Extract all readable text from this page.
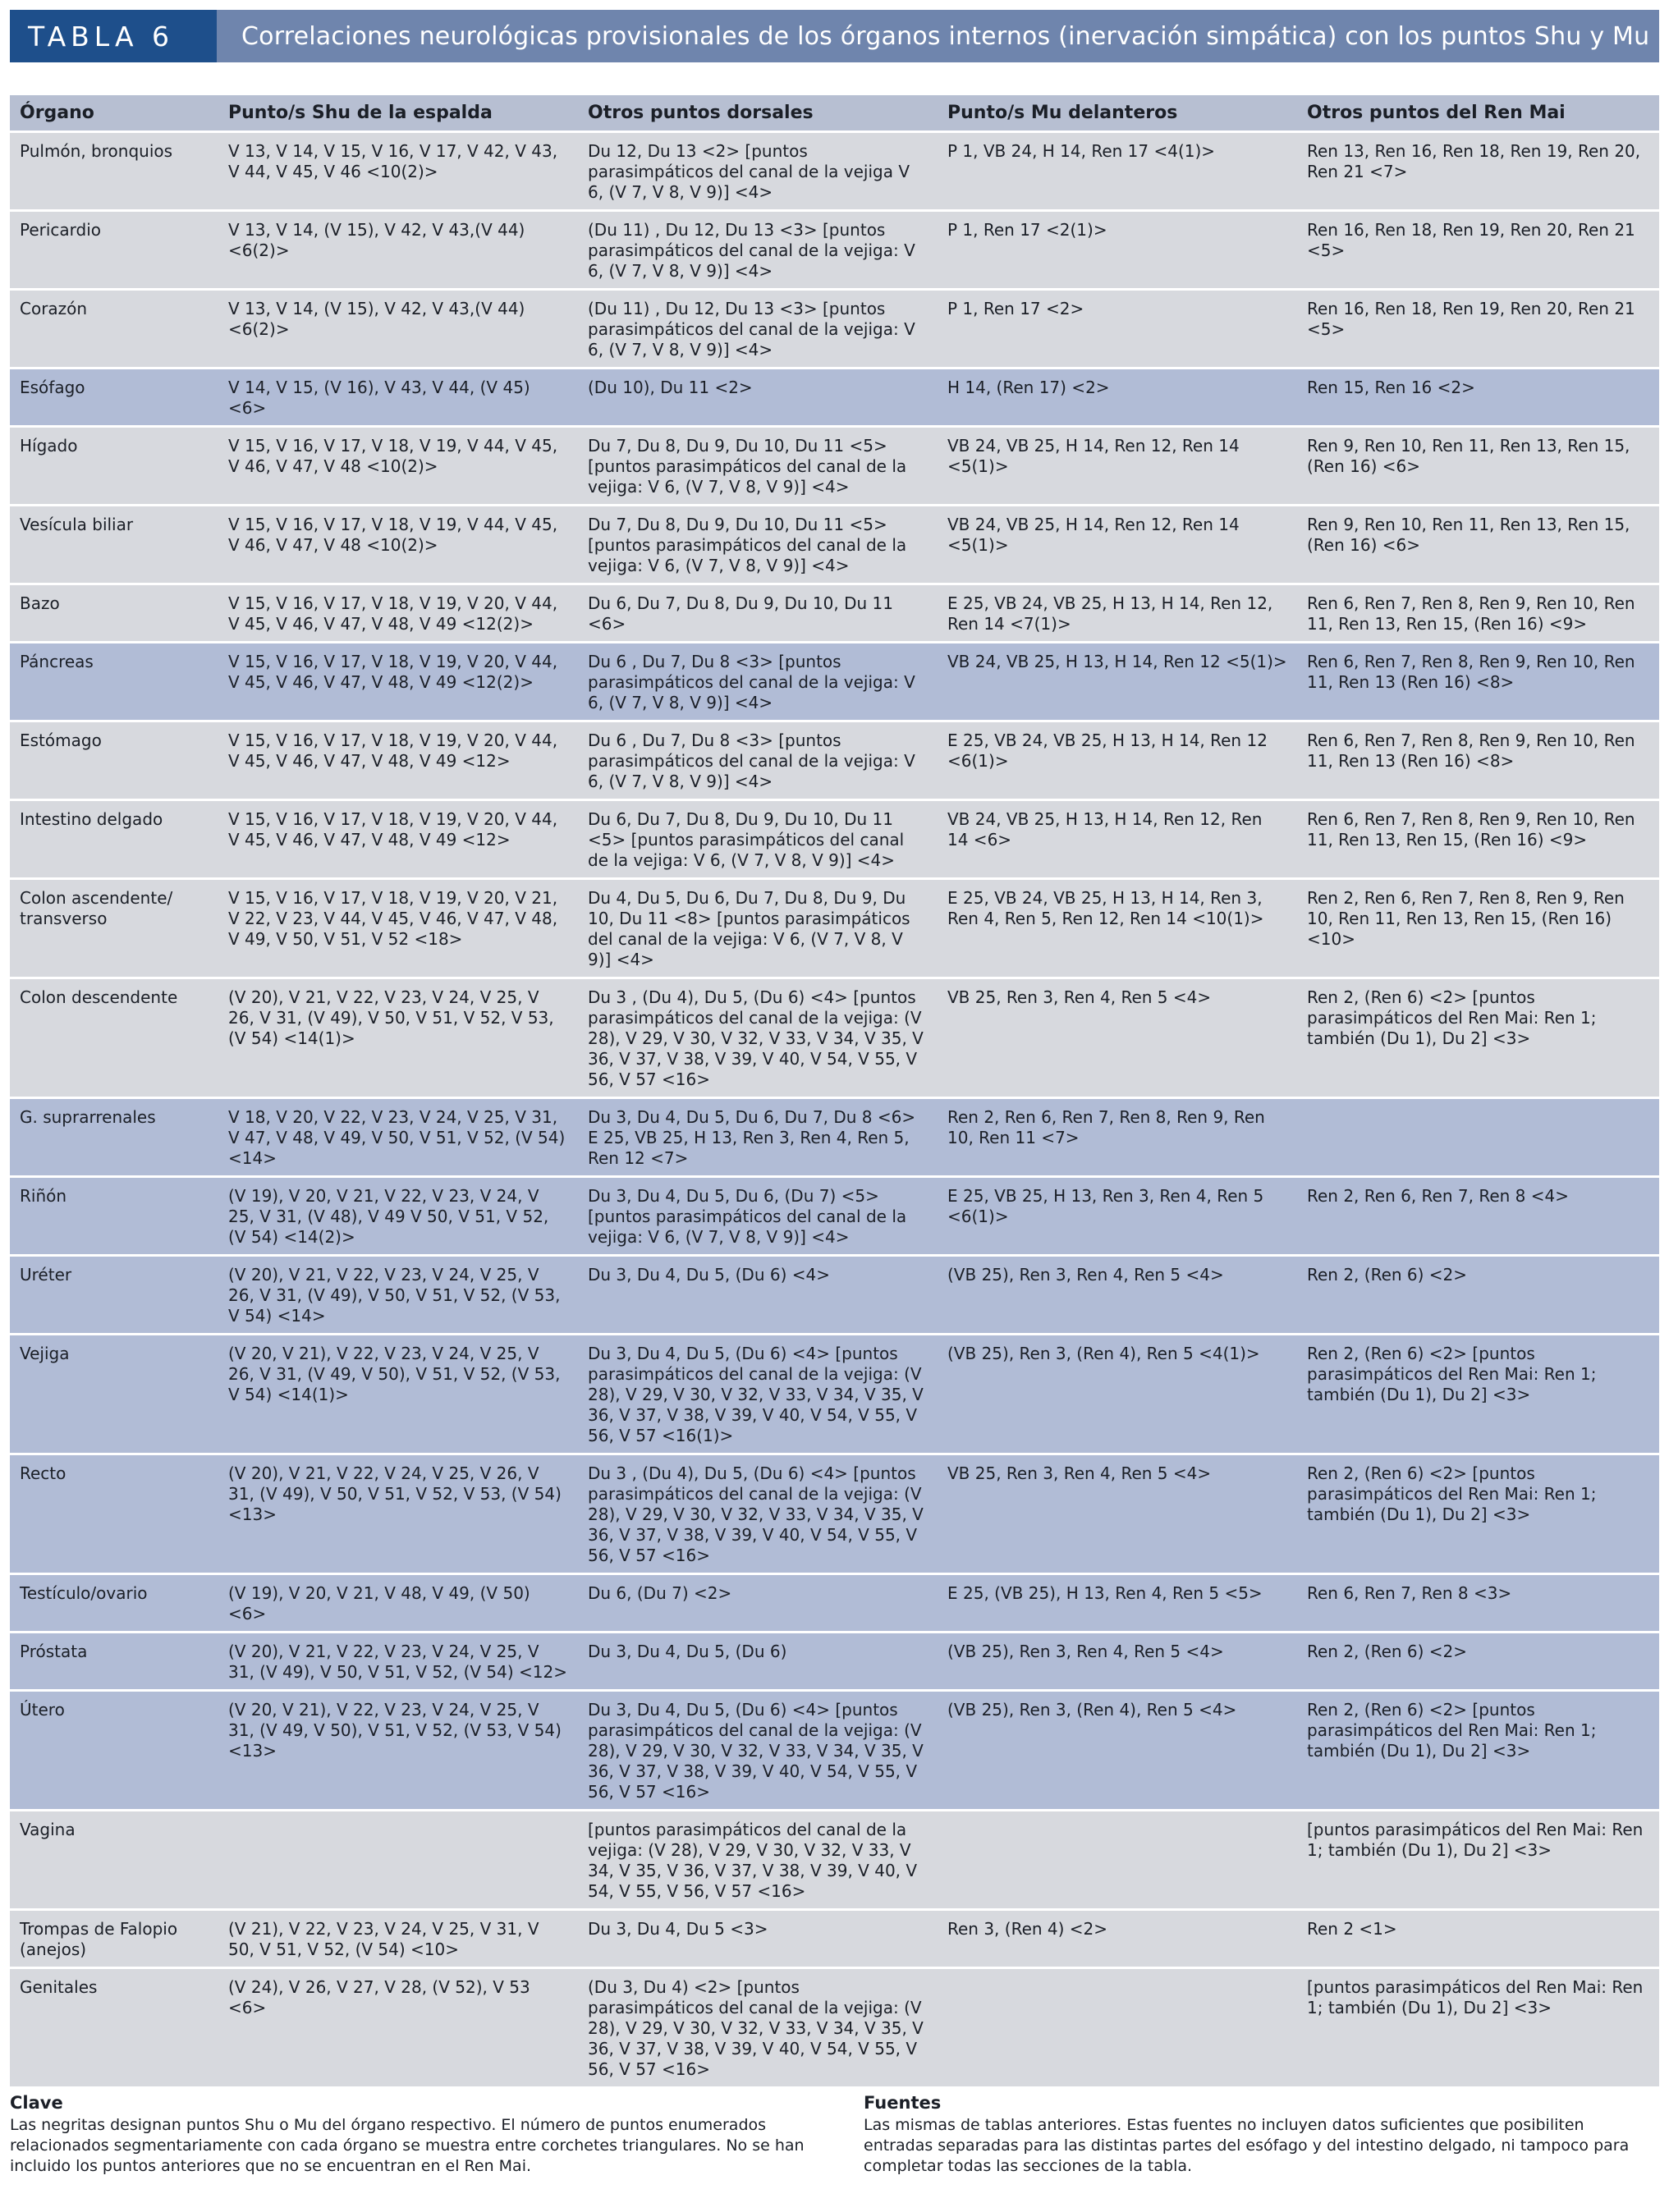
TABLA 6	Correlaciones neurológicas provisionales de los órganos internos (inervación simpática) con los puntos Shu y Mu
Órgano	Punto/s Shu de la espalda	Otros puntos dorsales	Punto/s Mu delanteros	Otros puntos del Ren Mai
Pulmón, bronquios	V 13, V 14, V 15, V 16, V 17, V 42, V 43, V 44, V 45, V 46 <10(2)>	Du 12, Du 13 <2> [puntos parasimpáticos del canal de la vejiga V 6, (V 7, V 8, V 9)] <4>	P 1, VB 24, H 14, Ren 17 <4(1)>	Ren 13, Ren 16, Ren 18, Ren 19, Ren 20, Ren 21 <7>
Pericardio	V 13, V 14, (V 15), V 42, V 43,(V 44) <6(2)>	(Du 11) , Du 12, Du 13 <3> [puntos parasimpáticos del canal de la vejiga: V 6, (V 7, V 8, V 9)] <4>	P 1, Ren 17 <2(1)>	Ren 16, Ren 18, Ren 19, Ren 20, Ren 21 <5>
Corazón	V 13, V 14, (V 15), V 42, V 43,(V 44) <6(2)>	(Du 11) , Du 12, Du 13 <3> [puntos parasimpáticos del canal de la vejiga: V 6, (V 7, V 8, V 9)] <4>	P 1, Ren 17 <2>	Ren 16, Ren 18, Ren 19, Ren 20, Ren 21 <5>
Esófago	V 14, V 15, (V 16), V 43, V 44, (V 45) <6>	(Du 10), Du 11 <2>	H 14, (Ren 17) <2>	Ren 15, Ren 16 <2>
Hígado	V 15, V 16, V 17, V 18, V 19, V 44, V 45, V 46, V 47, V 48 <10(2)>	Du 7, Du 8, Du 9, Du 10, Du 11 <5> [puntos parasimpáticos del canal de la vejiga: V 6, (V 7, V 8, V 9)] <4>	VB 24, VB 25, H 14, Ren 12, Ren 14 <5(1)>	Ren 9, Ren 10, Ren 11, Ren 13, Ren 15, (Ren 16) <6>
Vesícula biliar	V 15, V 16, V 17, V 18, V 19, V 44, V 45, V 46, V 47, V 48 <10(2)>	Du 7, Du 8, Du 9, Du 10, Du 11 <5> [puntos parasimpáticos del canal de la vejiga: V 6, (V 7, V 8, V 9)] <4>	VB 24, VB 25, H 14, Ren 12, Ren 14 <5(1)>	Ren 9, Ren 10, Ren 11, Ren 13, Ren 15, (Ren 16) <6>
Bazo	V 15, V 16, V 17, V 18, V 19, V 20, V 44, V 45, V 46, V 47, V 48, V 49 <12(2)>	Du 6, Du 7, Du 8, Du 9, Du 10, Du 11 <6>	E 25, VB 24, VB 25, H 13, H 14, Ren 12, Ren 14 <7(1)>	Ren 6, Ren 7, Ren 8, Ren 9, Ren 10, Ren 11, Ren 13, Ren 15, (Ren 16) <9>
Páncreas	V 15, V 16, V 17, V 18, V 19, V 20, V 44, V 45, V 46, V 47, V 48, V 49 <12(2)>	Du 6 , Du 7, Du 8 <3> [puntos parasimpáticos del canal de la vejiga: V 6, (V 7, V 8, V 9)] <4>	VB 24, VB 25, H 13, H 14, Ren 12 <5(1)>	Ren 6, Ren 7, Ren 8, Ren 9, Ren 10, Ren 11, Ren 13 (Ren 16) <8>
Estómago	V 15, V 16, V 17, V 18, V 19, V 20, V 44, V 45, V 46, V 47, V 48, V 49 <12>	Du 6 , Du 7, Du 8 <3> [puntos parasimpáticos del canal de la vejiga: V 6, (V 7, V 8, V 9)] <4>	E 25, VB 24, VB 25, H 13, H 14, Ren 12 <6(1)>	Ren 6, Ren 7, Ren 8, Ren 9, Ren 10, Ren 11, Ren 13 (Ren 16) <8>
Intestino delgado	V 15, V 16, V 17, V 18, V 19, V 20, V 44, V 45, V 46, V 47, V 48, V 49 <12>	Du 6, Du 7, Du 8, Du 9, Du 10, Du 11 <5> [puntos parasimpáticos del canal de la vejiga: V 6, (V 7, V 8, V 9)] <4>	VB 24, VB 25, H 13, H 14, Ren 12, Ren 14 <6>	Ren 6, Ren 7, Ren 8, Ren 9, Ren 10, Ren 11, Ren 13, Ren 15, (Ren 16) <9>
Colon ascendente/ transverso	V 15, V 16, V 17, V 18, V 19, V 20, V 21, V 22, V 23, V 44, V 45, V 46, V 47, V 48, V 49, V 50, V 51, V 52 <18>	Du 4, Du 5, Du 6, Du 7, Du 8, Du 9, Du 10, Du 11 <8> [puntos parasimpáticos del canal de la vejiga: V 6, (V 7, V 8, V 9)] <4>	E 25, VB 24, VB 25, H 13, H 14, Ren 3, Ren 4, Ren 5, Ren 12, Ren 14 <10(1)>	Ren 2, Ren 6, Ren 7, Ren 8, Ren 9, Ren 10, Ren 11, Ren 13, Ren 15, (Ren 16) <10>
Colon descendente	(V 20), V 21, V 22, V 23, V 24, V 25, V 26, V 31, (V 49), V 50, V 51, V 52, V 53, (V 54) <14(1)>	Du 3 , (Du 4), Du 5, (Du 6) <4> [puntos parasimpáticos del canal de la vejiga: (V 28), V 29, V 30, V 32, V 33, V 34, V 35, V 36, V 37, V 38, V 39, V 40, V 54, V 55, V 56, V 57 <16>	VB 25, Ren 3, Ren 4, Ren 5 <4>	Ren 2, (Ren 6) <2> [puntos parasimpáticos del Ren Mai: Ren 1; también (Du 1), Du 2] <3>
G. suprarrenales	V 18, V 20, V 22, V 23, V 24, V 25, V 31, V 47, V 48, V 49, V 50, V 51, V 52, (V 54) <14>	Du 3, Du 4, Du 5, Du 6, Du 7, Du 8 <6> E 25, VB 25, H 13, Ren 3, Ren 4, Ren 5, Ren 12 <7>	Ren 2, Ren 6, Ren 7, Ren 8, Ren 9, Ren 10, Ren 11 <7>	
Riñón	(V 19), V 20, V 21, V 22, V 23, V 24, V 25, V 31, (V 48), V 49 V 50, V 51, V 52, (V 54) <14(2)>	Du 3, Du 4, Du 5, Du 6, (Du 7) <5> [puntos parasimpáticos del canal de la vejiga: V 6, (V 7, V 8, V 9)] <4>	E 25, VB 25, H 13, Ren 3, Ren 4, Ren 5 <6(1)>	Ren 2, Ren 6, Ren 7, Ren 8 <4>
Uréter	(V 20), V 21, V 22, V 23, V 24, V 25, V 26, V 31, (V 49), V 50, V 51, V 52, (V 53, V 54) <14>	Du 3, Du 4, Du 5, (Du 6) <4>	(VB 25), Ren 3, Ren 4, Ren 5 <4>	Ren 2, (Ren 6) <2>
Vejiga	(V 20, V 21), V 22, V 23, V 24, V 25, V 26, V 31, (V 49, V 50), V 51, V 52, (V 53, V 54) <14(1)>	Du 3, Du 4, Du 5, (Du 6) <4> [puntos parasimpáticos del canal de la vejiga: (V 28), V 29, V 30, V 32, V 33, V 34, V 35, V 36, V 37, V 38, V 39, V 40, V 54, V 55, V 56, V 57 <16(1)>	(VB 25), Ren 3, (Ren 4), Ren 5 <4(1)>	Ren 2, (Ren 6) <2> [puntos parasimpáticos del Ren Mai: Ren 1; también (Du 1), Du 2] <3>
Recto	(V 20), V 21, V 22, V 24, V 25, V 26, V 31, (V 49), V 50, V 51, V 52, V 53, (V 54) <13>	Du 3 , (Du 4), Du 5, (Du 6) <4> [puntos parasimpáticos del canal de la vejiga: (V 28), V 29, V 30, V 32, V 33, V 34, V 35, V 36, V 37, V 38, V 39, V 40, V 54, V 55, V 56, V 57 <16>	VB 25, Ren 3, Ren 4, Ren 5 <4>	Ren 2, (Ren 6) <2> [puntos parasimpáticos del Ren Mai: Ren 1; también (Du 1), Du 2] <3>
Testículo/ovario	(V 19), V 20, V 21, V 48, V 49, (V 50) <6>	Du 6, (Du 7) <2>	E 25, (VB 25), H 13, Ren 4, Ren 5 <5>	Ren 6, Ren 7, Ren 8 <3>
Próstata	(V 20), V 21, V 22, V 23, V 24, V 25, V 31, (V 49), V 50, V 51, V 52, (V 54) <12>	Du 3, Du 4, Du 5, (Du 6)	(VB 25), Ren 3, Ren 4, Ren 5 <4>	Ren 2, (Ren 6) <2>
Útero	(V 20, V 21), V 22, V 23, V 24, V 25, V 31, (V 49, V 50), V 51, V 52, (V 53, V 54) <13>	Du 3, Du 4, Du 5, (Du 6) <4> [puntos parasimpáticos del canal de la vejiga: (V 28), V 29, V 30, V 32, V 33, V 34, V 35, V 36, V 37, V 38, V 39, V 40, V 54, V 55, V 56, V 57 <16>	(VB 25), Ren 3, (Ren 4), Ren 5 <4>	Ren 2, (Ren 6) <2> [puntos parasimpáticos del Ren Mai: Ren 1; también (Du 1), Du 2] <3>
Vagina		[puntos parasimpáticos del canal de la vejiga: (V 28), V 29, V 30, V 32, V 33, V 34, V 35, V 36, V 37, V 38, V 39, V 40, V 54, V 55, V 56, V 57 <16>		[puntos parasimpáticos del Ren Mai: Ren 1; también (Du 1), Du 2] <3>
Trompas de Falopio (anejos)	(V 21), V 22, V 23, V 24, V 25, V 31, V 50, V 51, V 52, (V 54) <10>	Du 3, Du 4, Du 5 <3>	Ren 3, (Ren 4) <2>	Ren 2 <1>
Genitales	(V 24), V 26, V 27, V 28, (V 52), V 53 <6>	(Du 3, Du 4) <2> [puntos parasimpáticos del canal de la vejiga: (V 28), V 29, V 30, V 32, V 33, V 34, V 35, V 36, V 37, V 38, V 39, V 40, V 54, V 55, V 56, V 57 <16>		[puntos parasimpáticos del Ren Mai: Ren 1; también (Du 1), Du 2] <3>
Clave
Las negritas designan puntos Shu o Mu del órgano respectivo. El número de puntos enumerados relacionados segmentariamente con cada órgano se muestra entre corchetes triangulares. No se han incluido los puntos anteriores que no se encuentran en el Ren Mai.
Fuentes
Las mismas de tablas anteriores. Estas fuentes no incluyen datos suficientes que posibiliten entradas separadas para las distintas partes del esófago y del intestino delgado, ni tampoco para completar todas las secciones de la tabla.
